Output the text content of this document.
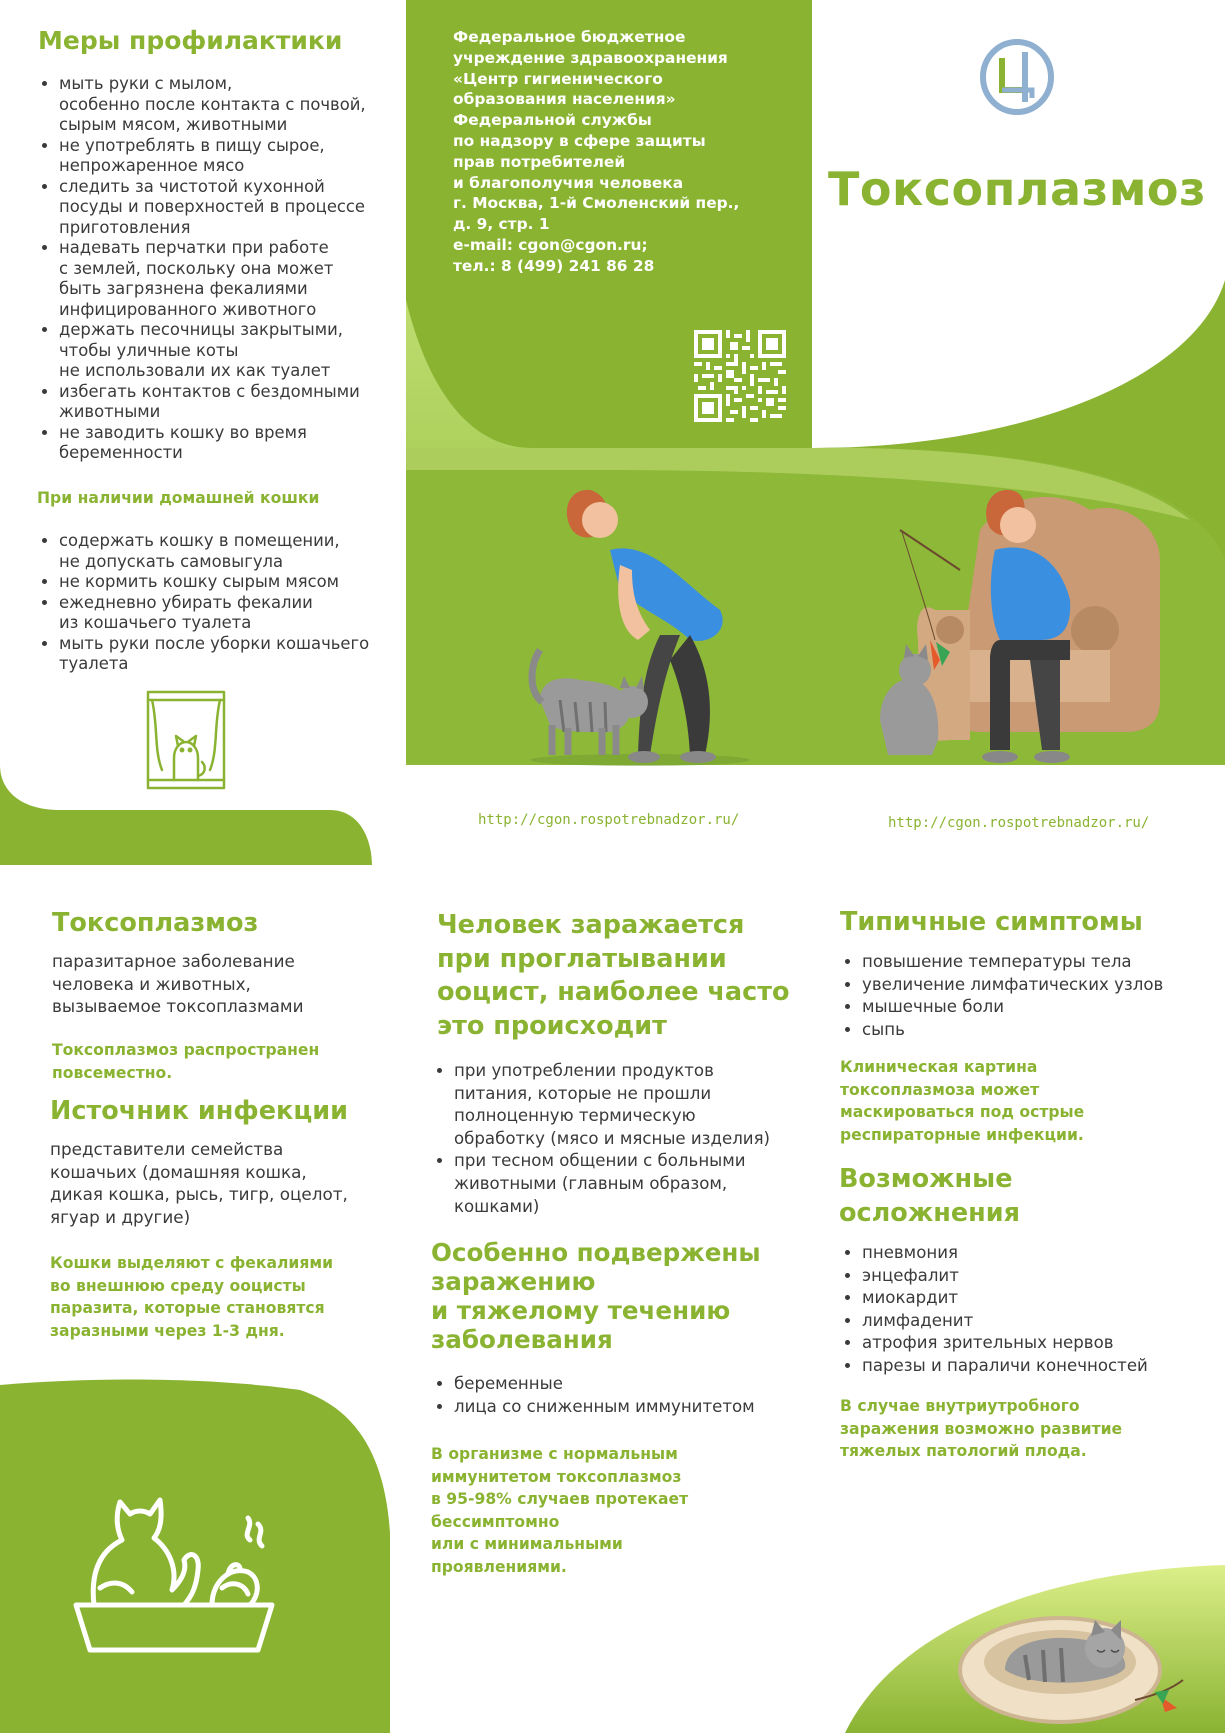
Меры профилактики
• мыть руки с мылом,
особенно после контакта с почвой,
сырым мясом, животными
• не употреблять в пищу сырое,
непрожаренное мясо
• следить за чистотой кухонной
посуды и поверхностей в процессе
приготовления
• надевать перчатки при работе
с землей, поскольку она может
быть загрязнена фекалиями
инфицированного животного
• держать песочницы закрытыми,
чтобы уличные коты
не использовали их как туалет
• избегать контактов с бездомными
животными
• не заводить кошку во время
беременности
При наличии домашней кошки
• содержать кошку в помещении,
не допускать самовыгула
• не кормить кошку сырым мясом
• ежедневно убирать фекалии
из кошачьего туалета
• мыть руки после уборки кошачьего
туалета
Федеральное бюджетное
учреждение здравоохранения
«Центр гигиенического
образования населения»
Федеральной службы
по надзору в сфере защиты
прав потребителей
и благополучия человека
г. Москва, 1-й Смоленский пер.,
д. 9, стр. 1
e-mail: cgon@cgon.ru;
тел.: 8 (499) 241 86 28
Токсоплазмоз
http://cgon.rospotrebnadzor.ru/	http://cgon.rospotrebnadzor.ru/
Токсоплазмоз
паразитарное заболевание
человека и животных,
вызываемое токсоплазмами
Токсоплазмоз распространен
повсеместно.
Источник инфекции
представители семейства
кошачьих (домашняя кошка,
дикая кошка, рысь, тигр, оцелот,
ягуар и другие)
Кошки выделяют с фекалиями
во внешнюю среду ооцисты
паразита, которые становятся
заразными через 1-3 дня.
Человек заражается
при проглатывании
ооцист, наиболее часто
это происходит
• при употреблении продуктов
питания, которые не прошли
полноценную термическую
обработку (мясо и мясные изделия)
• при тесном общении с больными
животными (главным образом,
кошками)
Особенно подвержены
заражению
и тяжелому течению
заболевания
• беременные
• лица со сниженным иммунитетом
В организме с нормальным
иммунитетом токсоплазмоз
в 95-98% случаев протекает
бессимптомно
или с минимальными
проявлениями.
Типичные симптомы
• повышение температуры тела
• увеличение лимфатических узлов
• мышечные боли
• сыпь
Клиническая картина
токсоплазмоза может
маскироваться под острые
респираторные инфекции.
Возможные
осложнения
• пневмония
• энцефалит
• миокардит
• лимфаденит
• атрофия зрительных нервов
• парезы и параличи конечностей
В случае внутриутробного
заражения возможно развитие
тяжелых патологий плода.
